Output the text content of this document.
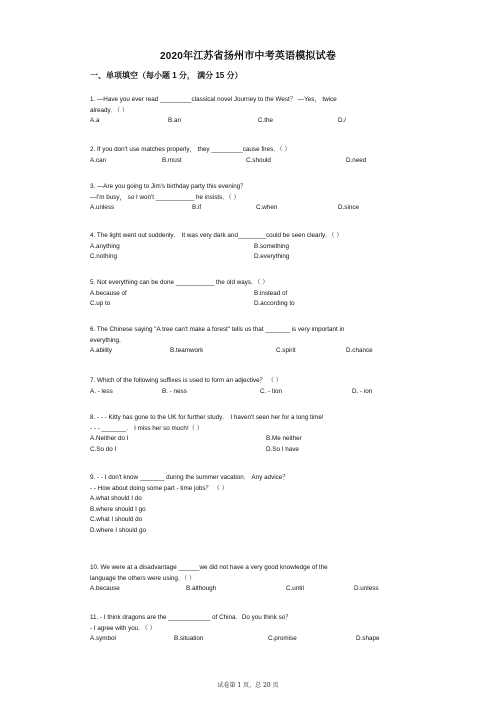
2020年江苏省扬州市中考英语模拟试卷
一、单项填空（每小题 1 分， 满分 15 分）
1. —Have you ever read _________classical novel Journey to the West？ —Yes， twice
already．（ ）
A.a	B.an	C.the	D./
2. If you don't use matches properly， they _________cause fires．（ ）
A.can	B.must	C.should	D.need
3. —Are you going to Jim's birthday party this evening？
—I'm busy， so I won't ___________ he insists．（ ）
A.unless	B.if	C.when	D.since
4. The light went out suddenly． It was very dark and________could be seen clearly．（ ）
A.anything	B.something
C.nothing	D.everything
5. Not everything can be done ___________ the old ways．（ ）
A.because of	B.instead of
C.up to	D.according to
6. The Chinese saying "A tree can't make a forest" tells us that _______ is very important in
everything．
A.ability	B.teamwork	C.spirit	D.chance
7. Which of the following suffixes is used to form an adjective？ （ ）
A. - less	B. - ness	C. - tion	D. - ion
8. - - - Kitty has gone to the UK for further study． I haven't seen her for a long time!
- - - _______． I miss her so much!（ ）
A.Neither do I	B.Me neither
C.So do I	D.So I have
9. - - I don't know _______ during the summer vacation． Any advice？
- - How about doing some part - time jobs？ （ ）
A.what should I do
B.where should I go
C.what I should do
D.where I should go
10. We were at a disadvantage ______we did not have a very good knowledge of the
language the others were using．（ ）
A.because	B.although	C.until	D.unless
11. - I think dragons are the ____________ of China．Do you think so？
- I agree with you．（ ）
A.symbol	B.situation	C.promise	D.shape
试卷第 1 页，总 20 页
